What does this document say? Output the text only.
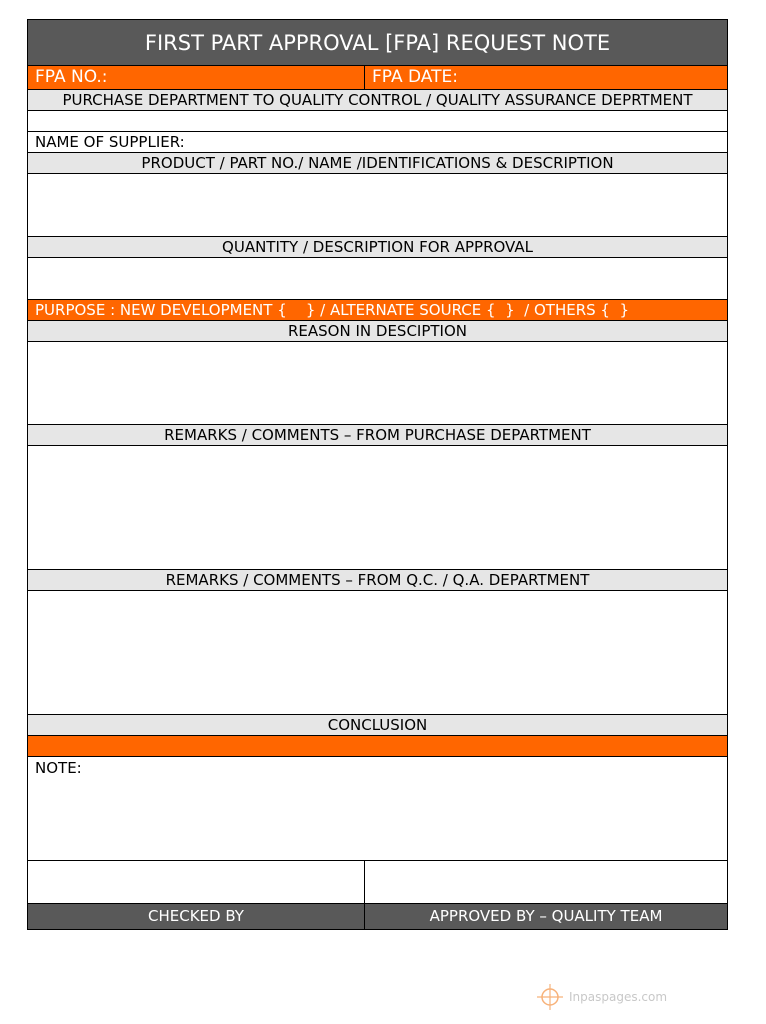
FIRST PART APPROVAL [FPA] REQUEST NOTE
FPA NO.:	FPA DATE:
PURCHASE DEPARTMENT TO QUALITY CONTROL / QUALITY ASSURANCE DEPRTMENT
NAME OF SUPPLIER:
PRODUCT / PART NO./ NAME /IDENTIFICATIONS & DESCRIPTION
QUANTITY / DESCRIPTION FOR APPROVAL
PURPOSE : NEW DEVELOPMENT {    } / ALTERNATE SOURCE {  }  / OTHERS {  }
REASON IN DESCIPTION
REMARKS / COMMENTS – FROM PURCHASE DEPARTMENT
REMARKS / COMMENTS – FROM Q.C. / Q.A. DEPARTMENT
CONCLUSION

ACCEPTED  [           ]	REJECTED [           ]

NOTE:
CHECKED BY	APPROVED BY – QUALITY TEAM
Inpaspages.com
